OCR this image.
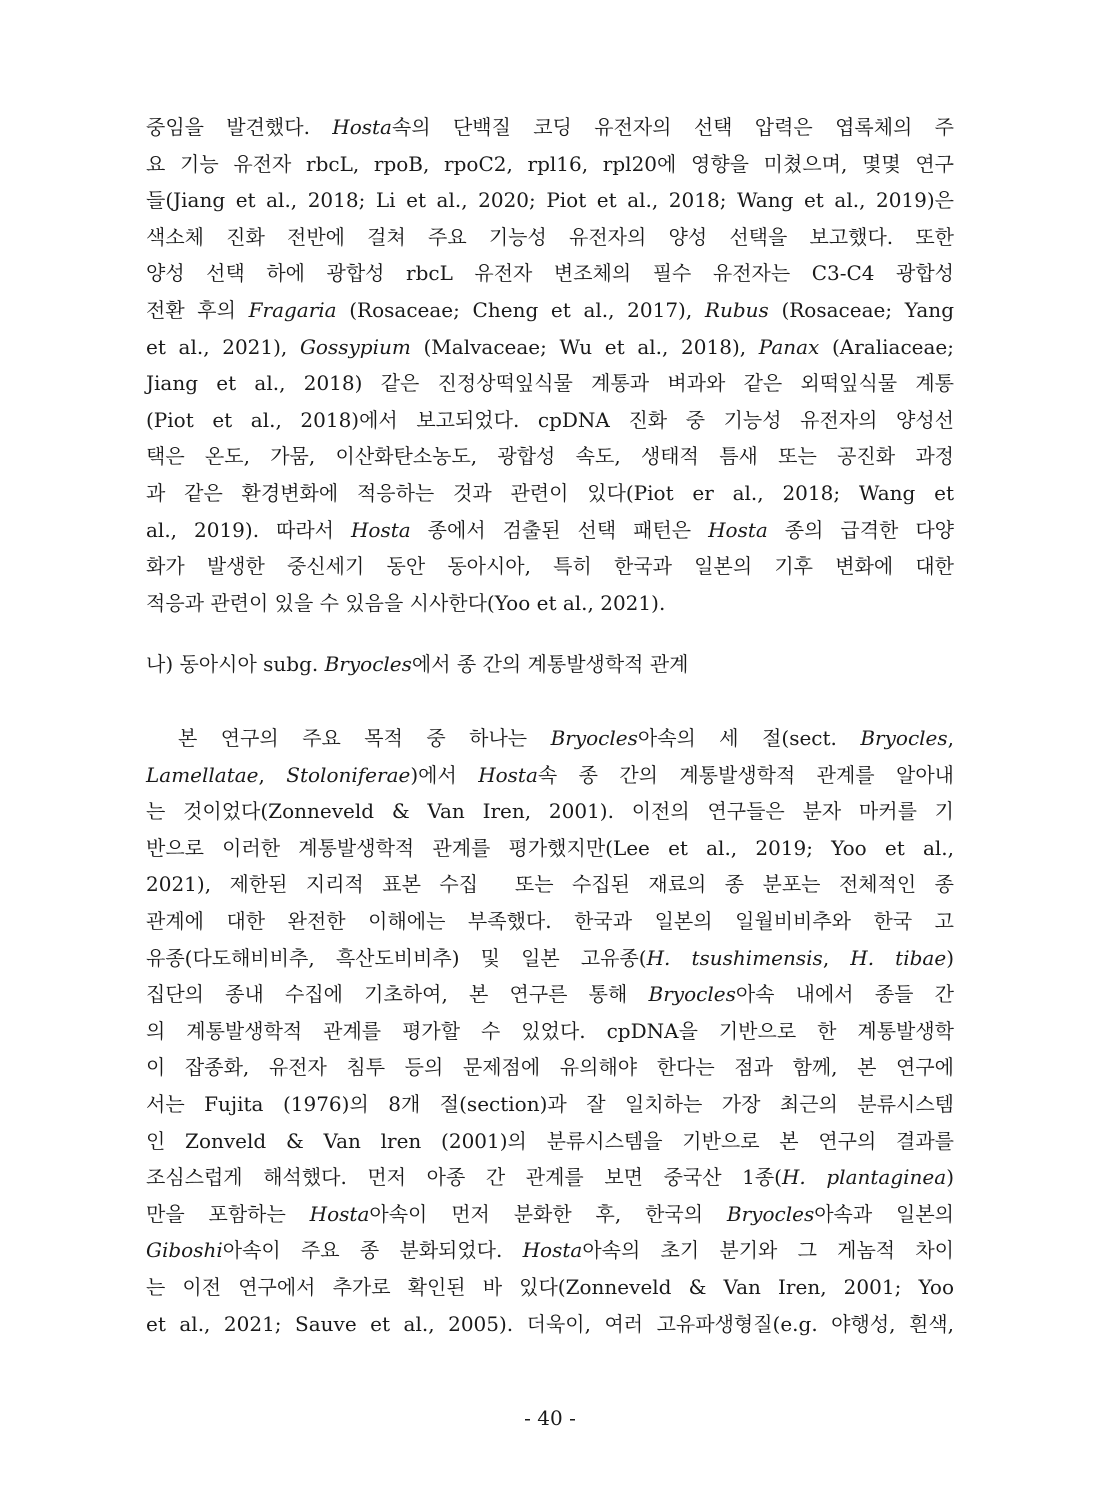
중임을 발견했다. Hosta속의 단백질 코딩 유전자의 선택 압력은 엽록체의 주
요 기능 유전자 rbcL, rpoB, rpoC2, rpl16, rpl20에 영향을 미쳤으며, 몇몇 연구
들(Jiang et al., 2018; Li et al., 2020; Piot et al., 2018; Wang et al., 2019)은
색소체 진화 전반에 걸쳐 주요 기능성 유전자의 양성 선택을 보고했다. 또한
양성 선택 하에 광합성 rbcL 유전자 변조체의 필수 유전자는 C3-C4 광합성
전환 후의 Fragaria (Rosaceae; Cheng et al., 2017), Rubus (Rosaceae; Yang
et al., 2021), Gossypium (Malvaceae; Wu et al., 2018), Panax (Araliaceae;
Jiang et al., 2018) 같은 진정상떡잎식물 계통과 벼과와 같은 외떡잎식물 계통
(Piot et al., 2018)에서 보고되었다. cpDNA 진화 중 기능성 유전자의 양성선
택은 온도, 가뭄, 이산화탄소농도, 광합성 속도, 생태적 틈새 또는 공진화 과정
과 같은 환경변화에 적응하는 것과 관련이 있다(Piot er al., 2018; Wang et
al., 2019). 따라서 Hosta 종에서 검출된 선택 패턴은 Hosta 종의 급격한 다양
화가 발생한 중신세기 동안 동아시아, 특히 한국과 일본의 기후 변화에 대한
적응과 관련이 있을 수 있음을 시사한다(Yoo et al., 2021).
나) 동아시아 subg. Bryocles에서 종 간의 계통발생학적 관계
본 연구의 주요 목적 중 하나는 Bryocles아속의 세 절(sect. Bryocles,
Lamellatae, Stoloniferae)에서 Hosta속 종 간의 계통발생학적 관계를 알아내
는 것이었다(Zonneveld & Van Iren, 2001). 이전의 연구들은 분자 마커를 기
반으로 이러한 계통발생학적 관계를 평가했지만(Lee et al., 2019; Yoo et al.,
2021), 제한된 지리적 표본 수집  또는 수집된 재료의 종 분포는 전체적인 종
관계에 대한 완전한 이해에는 부족했다. 한국과 일본의 일월비비추와 한국 고
유종(다도해비비추, 흑산도비비추) 및 일본 고유종(H. tsushimensis, H. tibae)
집단의 종내 수집에 기초하여, 본 연구른 통해 Bryocles아속 내에서 종들 간
의 계통발생학적 관계를 평가할 수 있었다. cpDNA을 기반으로 한 계통발생학
이 잡종화, 유전자 침투 등의 문제점에 유의해야 한다는 점과 함께, 본 연구에
서는 Fujita (1976)의 8개 절(section)과 잘 일치하는 가장 최근의 분류시스템
인 Zonveld & Van lren (2001)의 분류시스템을 기반으로 본 연구의 결과를
조심스럽게 해석했다. 먼저 아종 간 관계를 보면 중국산 1종(H. plantaginea)
만을 포함하는 Hosta아속이 먼저 분화한 후, 한국의 Bryocles아속과 일본의
Giboshi아속이 주요 종 분화되었다. Hosta아속의 초기 분기와 그 게놈적 차이
는 이전 연구에서 추가로 확인된 바 있다(Zonneveld & Van Iren, 2001; Yoo
et al., 2021; Sauve et al., 2005). 더욱이, 여러 고유파생형질(e.g. 야행성, 흰색,
- 40 -
